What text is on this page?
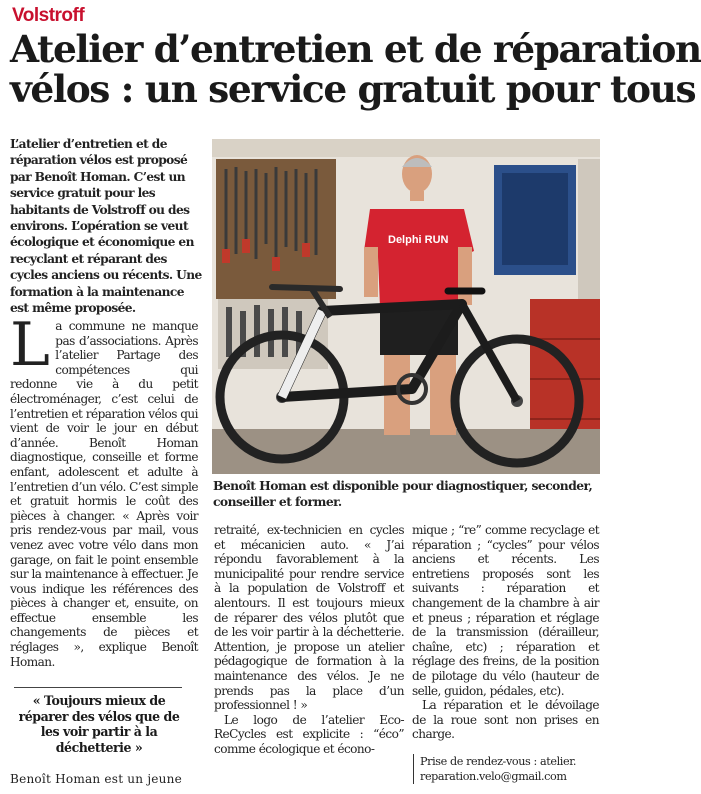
Volstroff
Atelier d’entretien et de réparation
vélos : un service gratuit pour tous
L’atelier d’entretien et de réparation vélos est proposé par Benoît Homan. C’est un service gratuit pour les habitants de Volstroff ou des environs. L’opération se veut écologique et économique en recyclant et réparant des cycles anciens ou récents. Une formation à la maintenance est même proposée.
L a commune ne manque pas d’associations. Après l’atelier Partage des compétences qui redonne vie à du petit électroménager, c’est celui de l’entretien et réparation vélos qui vient de voir le jour en début d’année. Benoît Homan diagnostique, conseille et forme enfant, adolescent et adulte à l’entretien d’un vélo. C’est simple et gratuit hormis le coût des pièces à changer. « Après voir pris rendez-vous par mail, vous venez avec votre vélo dans mon garage, on fait le point ensemble sur la maintenance à effectuer. Je vous indique les références des pièces à changer et, ensuite, on effectue ensemble les changements de pièces et réglages », explique Benoît Homan.
« Toujours mieux de réparer des vélos que de les voir partir à la déchetterie »
Benoît Homan est un jeune
Delphi RUN
Benoît Homan est disponible pour diagnostiquer, seconder, conseiller et former.

retraité, ex-technicien en cycles et mécanicien auto. « J’ai répondu favorablement à la municipalité pour rendre service à la population de Volstroff et alentours. Il est toujours mieux de réparer des vélos plutôt que de les voir partir à la déchetterie. Attention, je propose un atelier pédagogique de formation à la maintenance des vélos. Je ne prends pas la place d’un professionnel ! »

Le logo de l’atelier Eco-ReCycles est explicite : “éco” comme écologique et écono-

mique ; “re” comme recyclage et réparation ; “cycles” pour vélos anciens et récents. Les entretiens proposés sont les suivants : réparation et changement de la chambre à air et pneus ; réparation et réglage de la transmission (dérailleur, chaîne, etc) ; réparation et réglage des freins, de la position de pilotage du vélo (hauteur de selle, guidon, pédales, etc).

La réparation et le dévoilage de la roue sont non prises en charge.

Prise de rendez-vous : atelier.
reparation.velo@gmail.com
